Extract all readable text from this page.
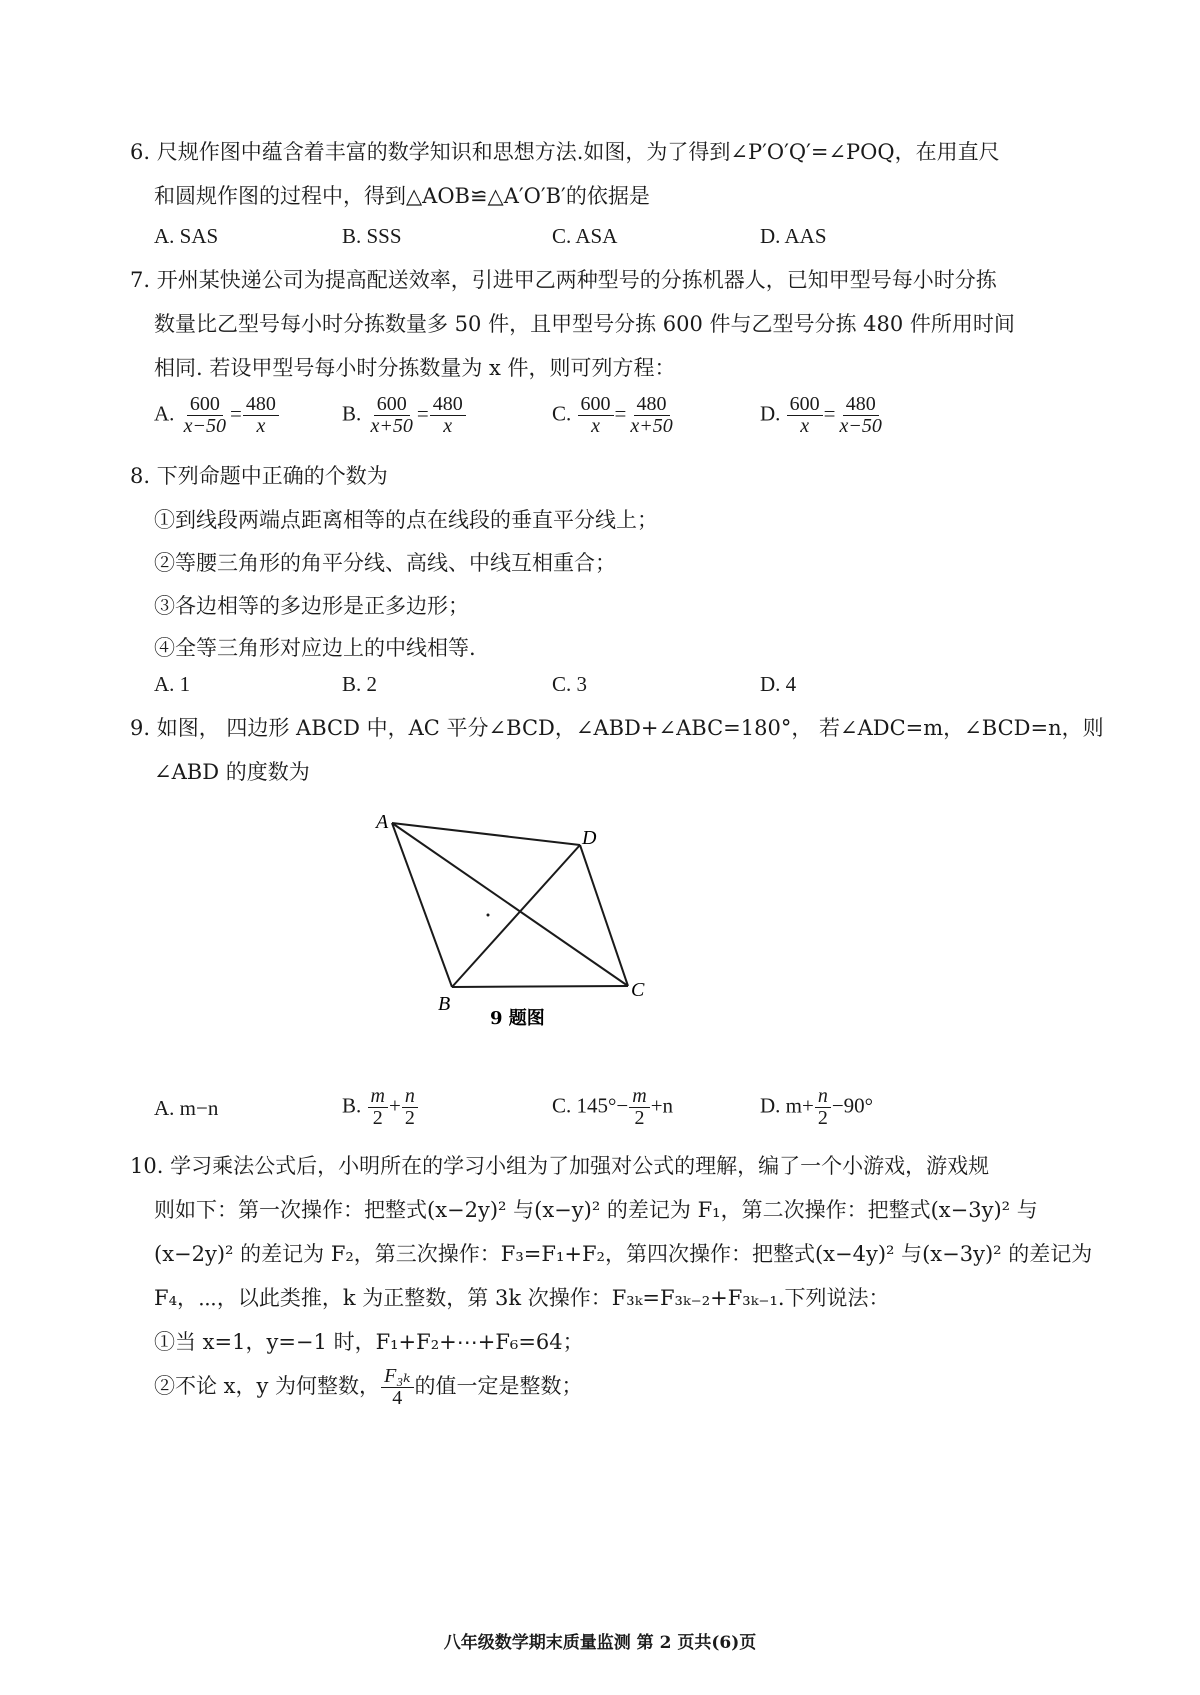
6. 尺规作图中蕴含着丰富的数学知识和思想方法.如图，为了得到∠P′O′Q′=∠POQ，在用直尺
和圆规作图的过程中，得到△AOB≌△A′O′B′的依据是
A. SAS	B. SSS	C. ASA	D. AAS
7. 开州某快递公司为提高配送效率，引进甲乙两种型号的分拣机器人，已知甲型号每小时分拣
数量比乙型号每小时分拣数量多 50 件，且甲型号分拣 600 件与乙型号分拣 480 件所用时间
相同. 若设甲型号每小时分拣数量为 x 件，则可列方程：
A. $\frac{600}{x-50} = \frac{480}{x}$	B. $\frac{600}{x+50} = \frac{480}{x}$	C. $\frac{600}{x} = \frac{480}{x+50}$	D. $\frac{600}{x} = \frac{480}{x-50}$
8. 下列命题中正确的个数为
①到线段两端点距离相等的点在线段的垂直平分线上；
②等腰三角形的角平分线、高线、中线互相重合；
③各边相等的多边形是正多边形；
④全等三角形对应边上的中线相等.
A. 1	B. 2	C. 3	D. 4
9. 如图， 四边形 ABCD 中，AC 平分∠BCD，∠ABD+∠ABC=180°， 若∠ADC=m，∠BCD=n，则
∠ABD 的度数为
A
D
C
B
9 题图
A. m−n	B. $\frac{m}{2} + \frac{n}{2}$	C. $145^\circ- \frac{m}{2} +n$	D. $m+ \frac{n}{2} -90^\circ$
10. 学习乘法公式后，小明所在的学习小组为了加强对公式的理解，编了一个小游戏，游戏规
则如下：第一次操作：把整式(x−2y)² 与(x−y)² 的差记为 F₁，第二次操作：把整式(x−3y)² 与
(x−2y)² 的差记为 F₂，第三次操作：F₃=F₁+F₂，第四次操作：把整式(x−4y)² 与(x−3y)² 的差记为
F₄，⋯，以此类推，k 为正整数，第 3k 次操作：F₃ₖ=F₃ₖ₋₂+F₃ₖ₋₁.下列说法：
①当 x=1，y=−1 时，F₁+F₂+⋯+F₆=64；
②不论 x，y 为何整数， $\frac{\text{F₃ₖ}}{4}$ 的值一定是整数；
八年级数学期末质量监测 第 2 页共(6)页
